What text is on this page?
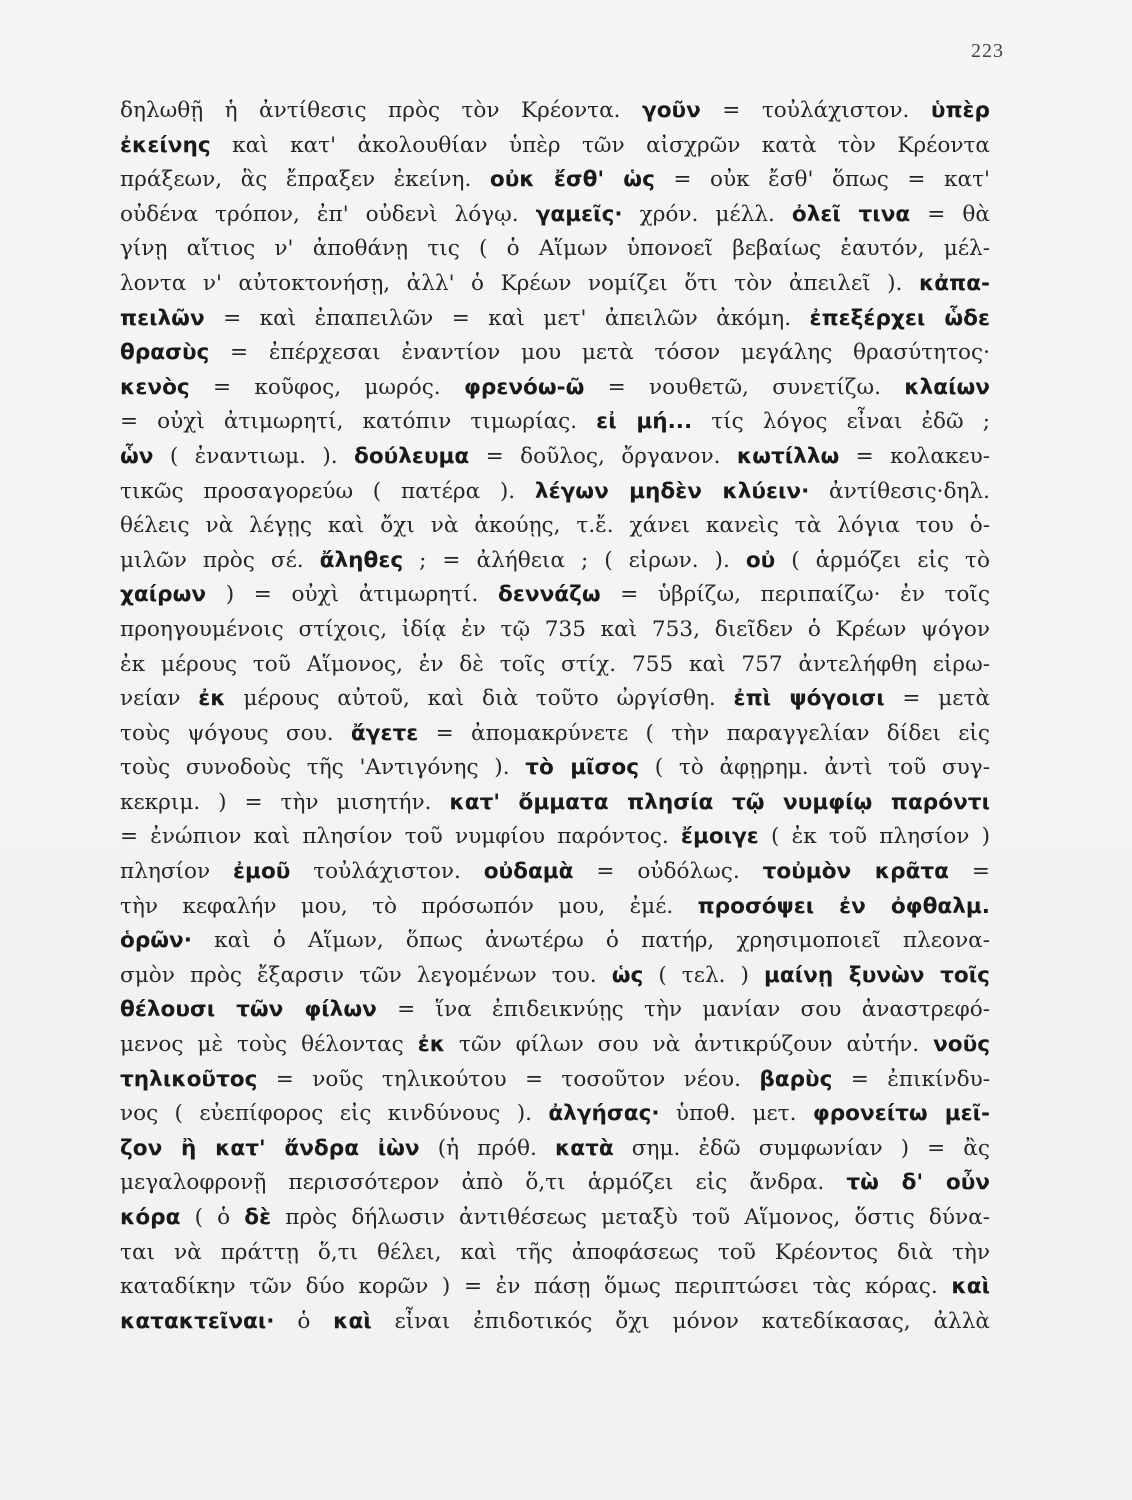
223
δηλωθῇ ἡ ἀντίθεσις πρὸς τὸν Κρέοντα. γοῦν = τοὐλάχιστον. ὑπὲρ
ἐκείνης καὶ κατ' ἀκολουθίαν ὑπὲρ τῶν αἰσχρῶν κατὰ τὸν Κρέοντα
πράξεων, ἃς ἔπραξεν ἐκείνη. οὐκ ἔσθ' ὡς = οὐκ ἔσθ' ὅπως = κατ'
οὐδένα τρόπον, ἐπ' οὐδενὶ λόγῳ. γαμεῖς· χρόν. μέλλ. ὀλεῖ τινα = θὰ
γίνῃ αἴτιος ν' ἀποθάνῃ τις ( ὁ Αἵμων ὑπονοεῖ βεβαίως ἑαυτόν, μέλ-
λοντα ν' αὐτοκτονήσῃ, ἀλλ' ὁ Κρέων νομίζει ὅτι τὸν ἀπειλεῖ ). κἀπα-
πειλῶν = καὶ ἐπαπειλῶν = καὶ μετ' ἀπειλῶν ἀκόμη. ἐπεξέρχει ὧδε
θρασὺς = ἐπέρχεσαι ἐναντίον μου μετὰ τόσον μεγάλης θρασύτητος·
κενὸς = κοῦφος, μωρός. φρενόω-ῶ = νουθετῶ, συνετίζω. κλαίων
= οὐχὶ ἀτιμωρητί, κατόπιν τιμωρίας. εἰ μή... τίς λόγος εἶναι ἐδῶ ;
ὧν ( ἐναντιωμ. ). δούλευμα = δοῦλος, ὄργανον. κωτίλλω = κολακευ-
τικῶς προσαγορεύω ( πατέρα ). λέγων μηδὲν κλύειν· ἀντίθεσις·δηλ.
θέλεις νὰ λέγῃς καὶ ὄχι νὰ ἀκούῃς, τ.ἔ. χάνει κανεὶς τὰ λόγια του ὁ-
μιλῶν πρὸς σέ. ἄληθες ; = ἀλήθεια ; ( εἰρων. ). οὐ ( ἁρμόζει εἰς τὸ
χαίρων ) = οὐχὶ ἀτιμωρητί. δεννάζω = ὑβρίζω, περιπαίζω· ἐν τοῖς
προηγουμένοις στίχοις, ἰδίᾳ ἐν τῷ 735 καὶ 753, διεῖδεν ὁ Κρέων ψόγον
ἐκ μέρους τοῦ Αἵμονος, ἐν δὲ τοῖς στίχ. 755 καὶ 757 ἀντελήφθη εἰρω-
νείαν ἐκ μέρους αὐτοῦ, καὶ διὰ τοῦτο ὠργίσθη. ἐπὶ ψόγοισι = μετὰ
τοὺς ψόγους σου. ἄγετε = ἀπομακρύνετε ( τὴν παραγγελίαν δίδει εἰς
τοὺς συνοδοὺς τῆς 'Αντιγόνης ). τὸ μῖσος ( τὸ ἀφῃρημ. ἀντὶ τοῦ συγ-
κεκριμ. ) = τὴν μισητήν. κατ' ὄμματα πλησία τῷ νυμφίῳ παρόντι
= ἐνώπιον καὶ πλησίον τοῦ νυμφίου παρόντος. ἔμοιγε ( ἐκ τοῦ πλησίον )
πλησίον ἐμοῦ τοὐλάχιστον. οὐδαμὰ = οὐδόλως. τοὐμὸν κρᾶτα =
τὴν κεφαλήν μου, τὸ πρόσωπόν μου, ἐμέ. προσόψει ἐν ὀφθαλμ.
ὁρῶν· καὶ ὁ Αἵμων, ὅπως ἀνωτέρω ὁ πατήρ, χρησιμοποιεῖ πλεονα-
σμὸν πρὸς ἔξαρσιν τῶν λεγομένων του. ὡς ( τελ. ) μαίνῃ ξυνὼν τοῖς
θέλουσι τῶν φίλων = ἵνα ἐπιδεικνύῃς τὴν μανίαν σου ἀναστρεφό-
μενος μὲ τοὺς θέλοντας ἐκ τῶν φίλων σου νὰ ἀντικρύζουν αὐτήν. νοῦς
τηλικοῦτος = νοῦς τηλικούτου = τοσοῦτον νέου. βαρὺς = ἐπικίνδυ-
νος ( εὐεπίφορος εἰς κινδύνους ). ἀλγήσας· ὑποθ. μετ. φρονείτω μεῖ-
ζον ἢ κατ' ἄνδρα ἰὼν (ἡ πρόθ. κατὰ σημ. ἐδῶ συμφωνίαν ) = ἂς
μεγαλοφρονῇ περισσότερον ἀπὸ ὅ,τι ἁρμόζει εἰς ἄνδρα. τὼ δ' οὖν
κόρα ( ὁ δὲ πρὸς δήλωσιν ἀντιθέσεως μεταξὺ τοῦ Αἵμονος, ὅστις δύνα-
ται νὰ πράττῃ ὅ,τι θέλει, καὶ τῆς ἀποφάσεως τοῦ Κρέοντος διὰ τὴν
καταδίκην τῶν δύο κορῶν ) = ἐν πάσῃ ὅμως περιπτώσει τὰς κόρας. καὶ
κατακτεῖναι· ὁ καὶ εἶναι ἐπιδοτικός ὄχι μόνον κατεδίκασας, ἀλλὰ
